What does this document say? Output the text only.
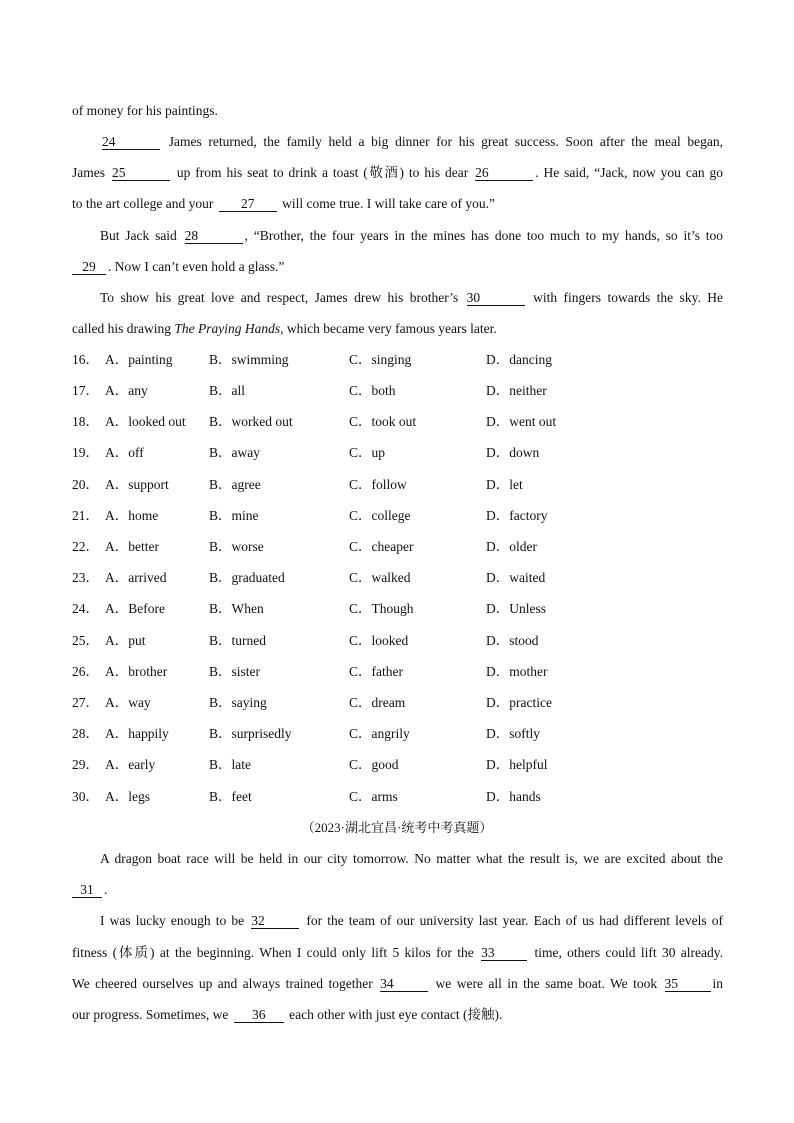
of money for his paintings.
24	James returned, the family held a big dinner for his great success. Soon after the meal began,
James 25	up from his seat to drink a toast (敬酒) to his dear 26	. He said, “Jack, now you can go
to the art college and your 27 will come true. I will take care of you.”
But Jack said 28	, “Brother, the four years in the mines has done too much to my hands, so it’s too
29 . Now I can’t even hold a glass.”
To show his great love and respect, James drew his brother’s 30	with fingers towards the sky. He
called his drawing The Praying Hands, which became very famous years later.
16． A．painting	B．swimming	C．singing	D．dancing
17． A．any	B．all	C．both	D．neither
18． A．looked out B．worked out	C．took out	D．went out
19． A．off	B．away	C．up	D．down
20． A．support	B．agree	C．follow	D．let
21． A．home	B．mine	C．college	D．factory
22． A．better	B．worse	C．cheaper	D．older
23． A．arrived	B．graduated	C．walked	D．waited
24． A．Before	B．When	C．Though	D．Unless
25． A．put	B．turned	C．looked	D．stood
26． A．brother	B．sister	C．father	D．mother
27． A．way	B．saying	C．dream	D．practice
28． A．happily	B．surprisedly	C．angrily	D．softly
29． A．early	B．late	C．good	D．helpful
30． A．legs	B．feet	C．arms	D．hands
（2023·湖北宜昌·统考中考真题）
A dragon boat race will be held in our city tomorrow. No matter what the result is, we are excited about the
31 .
I was lucky enough to be 32	for the team of our university last year. Each of us had different levels of
fitness (体质) at the beginning. When I could only lift 5 kilos for the 33	time, others could lift 30 already.
We cheered ourselves up and always trained together 34	we were all in the same boat. We took 35	in
our progress. Sometimes, we 36 each other with just eye contact (接触).
